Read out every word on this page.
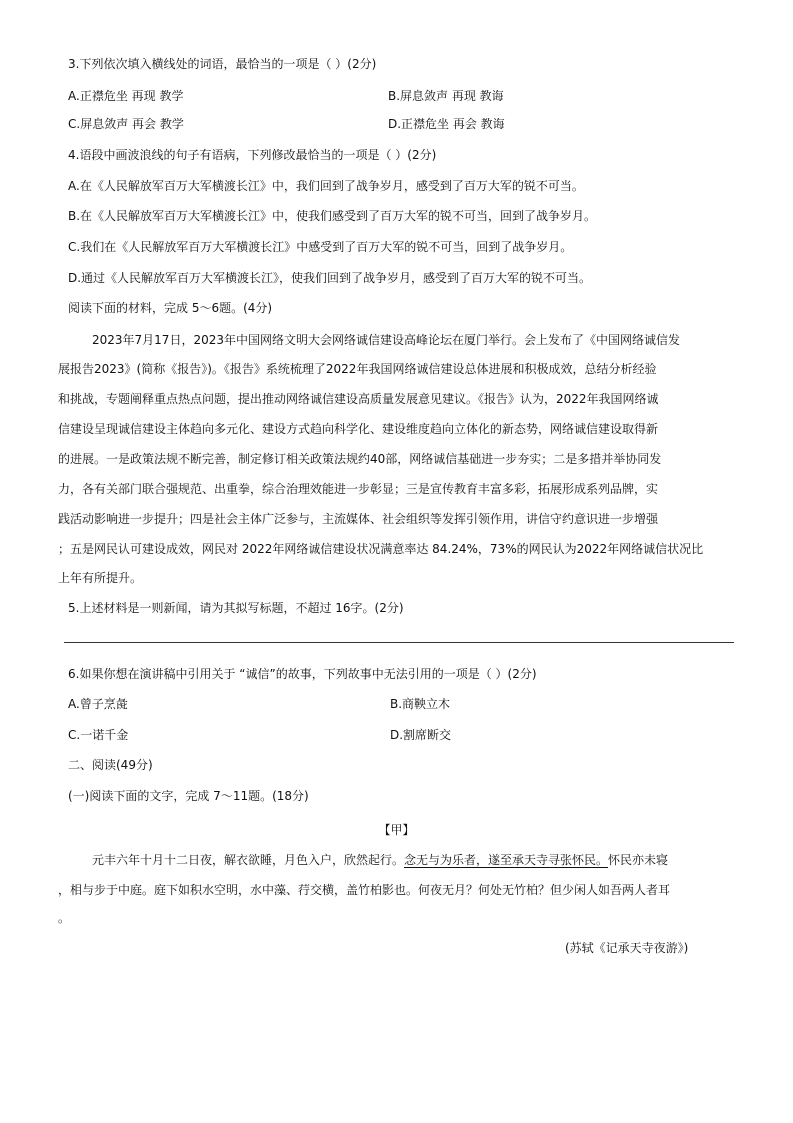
3.下列依次填入横线处的词语，最恰当的一项是（ ）(2分)
A.正襟危坐 再现 教学	B.屏息敛声 再现 教诲
C.屏息敛声 再会 教学	D.正襟危坐 再会 教诲
4.语段中画波浪线的句子有语病，下列修改最恰当的一项是（ ）(2分)
A.在《人民解放军百万大军横渡长江》中，我们回到了战争岁月，感受到了百万大军的锐不可当。
B.在《人民解放军百万大军横渡长江》中，使我们感受到了百万大军的锐不可当，回到了战争岁月。
C.我们在《人民解放军百万大军横渡长江》中感受到了百万大军的锐不可当，回到了战争岁月。
D.通过《人民解放军百万大军横渡长江》，使我们回到了战争岁月，感受到了百万大军的锐不可当。
阅读下面的材料，完成 5～6题。(4分)
2023年7月17日，2023年中国网络文明大会网络诚信建设高峰论坛在厦门举行。会上发布了《中国网络诚信发
展报告2023》(简称《报告》)。《报告》系统梳理了2022年我国网络诚信建设总体进展和积极成效，总结分析经验
和挑战，专题阐释重点热点问题，提出推动网络诚信建设高质量发展意见建议。《报告》认为，2022年我国网络诚
信建设呈现诚信建设主体趋向多元化、建设方式趋向科学化、建设维度趋向立体化的新态势，网络诚信建设取得新
的进展。一是政策法规不断完善，制定修订相关政策法规约40部，网络诚信基础进一步夯实；二是多措并举协同发
力，各有关部门联合强规范、出重拳，综合治理效能进一步彰显；三是宣传教育丰富多彩，拓展形成系列品牌，实
践活动影响进一步提升；四是社会主体广泛参与，主流媒体、社会组织等发挥引领作用，讲信守约意识进一步增强
；五是网民认可建设成效，网民对 2022年网络诚信建设状况满意率达 84.24%，73%的网民认为2022年网络诚信状况比
上年有所提升。
5.上述材料是一则新闻，请为其拟写标题，不超过 16字。(2分)
6.如果你想在演讲稿中引用关于 “诚信”的故事，下列故事中无法引用的一项是（ ）(2分)
A.曾子烹彘	B.商鞅立木
C.一诺千金	D.割席断交
二、阅读(49分)
(一)阅读下面的文字，完成 7～11题。(18分)
【甲】
元丰六年十月十二日夜，解衣欲睡，月色入户，欣然起行。念无与为乐者，遂至承天寺寻张怀民。怀民亦未寝
，相与步于中庭。庭下如积水空明，水中藻、荇交横，盖竹柏影也。何夜无月？何处无竹柏？但少闲人如吾两人者耳
。
(苏轼《记承天寺夜游》)
